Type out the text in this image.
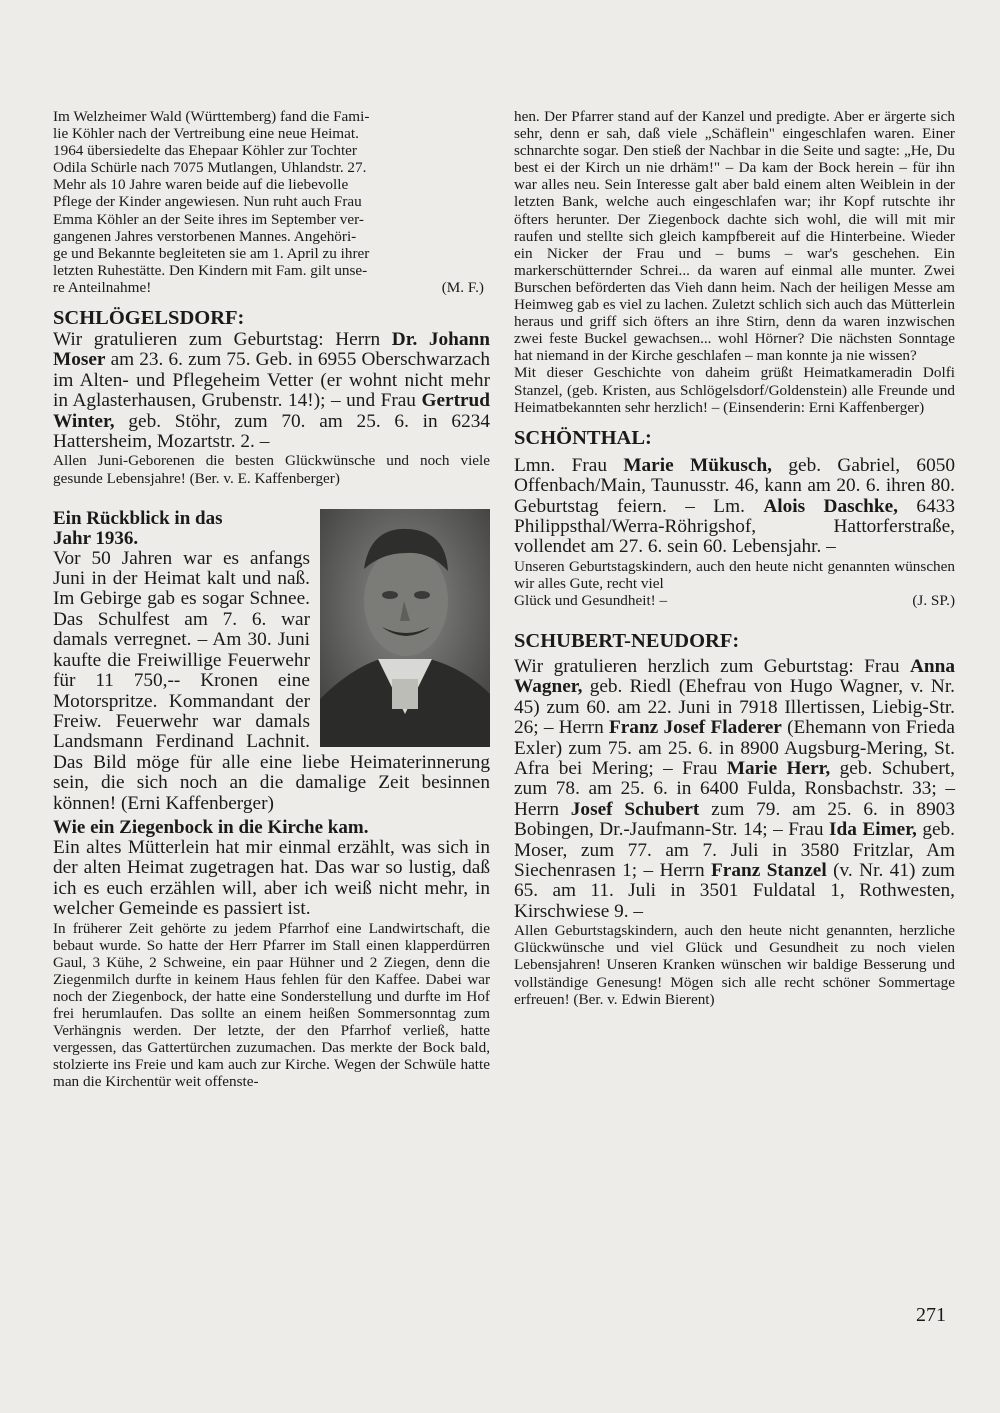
Im Welzheimer Wald (Württemberg) fand die Fami-

lie Köhler nach der Vertreibung eine neue Heimat.

1964 übersiedelte das Ehepaar Köhler zur Tochter

Odila Schürle nach 7075 Mutlangen, Uhlandstr. 27.

Mehr als 10 Jahre waren beide auf die liebevolle

Pflege der Kinder angewiesen. Nun ruht auch Frau

Emma Köhler an der Seite ihres im September ver-

gangenen Jahres verstorbenen Mannes. Angehöri-

ge und Bekannte begleiteten sie am 1. April zu ihrer

letzten Ruhestätte. Den Kindern mit Fam. gilt unse-

re Anteilnahme!	(M. F.)

SCHLÖGELSDORF:

Wir gratulieren zum Geburtstag: Herrn Dr. Johann Moser am 23. 6. zum 75. Geb. in 6955 Oberschwarzach im Alten- und Pflegeheim Vetter (er wohnt nicht mehr in Aglasterhausen, Grubenstr. 14!); – und Frau Gertrud Winter, geb. Stöhr, zum 70. am 25. 6. in 6234 Hattersheim, Mozartstr. 2. –

Allen Juni-Geborenen die besten Glückwünsche und noch viele gesunde Lebensjahre! (Ber. v. E. Kaffenberger)

Ein Rückblick in das
Jahr 1936.

Vor 50 Jahren war es anfangs Juni in der Heimat kalt und naß. Im Gebirge gab es sogar Schnee. Das Schulfest am 7. 6. war damals verregnet. – Am 30. Juni kaufte die Freiwillige Feuerwehr für 11 750,-- Kronen eine Motorspritze. Kommandant der Freiw. Feuerwehr war damals Landsmann Ferdinand Lachnit. Das Bild möge für alle eine liebe Heimaterinnerung sein, die sich noch an die damalige Zeit besinnen können! (Erni Kaffenberger)

Wie ein Ziegenbock in die Kirche kam.

Ein altes Mütterlein hat mir einmal erzählt, was sich in der alten Heimat zugetragen hat. Das war so lustig, daß ich es euch erzählen will, aber ich weiß nicht mehr, in welcher Gemeinde es passiert ist.

In früherer Zeit gehörte zu jedem Pfarrhof eine Landwirtschaft, die bebaut wurde. So hatte der Herr Pfarrer im Stall einen klapperdürren Gaul, 3 Kühe, 2 Schweine, ein paar Hühner und 2 Ziegen, denn die Ziegenmilch durfte in keinem Haus fehlen für den Kaffee. Dabei war noch der Ziegenbock, der hatte eine Sonderstellung und durfte im Hof frei herumlaufen. Das sollte an einem heißen Sommersonntag zum Verhängnis werden. Der letzte, der den Pfarrhof verließ, hatte vergessen, das Gattertürchen zuzumachen. Das merkte der Bock bald, stolzierte ins Freie und kam auch zur Kirche. Wegen der Schwüle hatte man die Kirchentür weit offenste-

hen. Der Pfarrer stand auf der Kanzel und predigte. Aber er ärgerte sich sehr, denn er sah, daß viele „Schäflein" eingeschlafen waren. Einer schnarchte sogar. Den stieß der Nachbar in die Seite und sagte: „He, Du best ei der Kirch un nie drhäm!" – Da kam der Bock herein – für ihn war alles neu. Sein Interesse galt aber bald einem alten Weiblein in der letzten Bank, welche auch eingeschlafen war; ihr Kopf rutschte ihr öfters herunter. Der Ziegenbock dachte sich wohl, die will mit mir raufen und stellte sich gleich kampfbereit auf die Hinterbeine. Wieder ein Nicker der Frau und – bums – war's geschehen. Ein markerschütternder Schrei... da waren auf einmal alle munter. Zwei Burschen beförderten das Vieh dann heim. Nach der heiligen Messe am Heimweg gab es viel zu lachen. Zuletzt schlich sich auch das Mütterlein heraus und griff sich öfters an ihre Stirn, denn da waren inzwischen zwei feste Buckel gewachsen... wohl Hörner? Die nächsten Sonntage hat niemand in der Kirche geschlafen – man konnte ja nie wissen?

Mit dieser Geschichte von daheim grüßt Heimatkameradin Dolfi Stanzel, (geb. Kristen, aus Schlögelsdorf/Goldenstein) alle Freunde und Heimatbekannten sehr herzlich! – (Einsenderin: Erni Kaffenberger)

SCHÖNTHAL:

Lmn. Frau Marie Mükusch, geb. Gabriel, 6050 Offenbach/Main, Taunusstr. 46, kann am 20. 6. ihren 80. Geburtstag feiern. – Lm. Alois Daschke, 6433 Philippsthal/Werra-Röhrigshof, Hattorferstraße, vollendet am 27. 6. sein 60. Lebensjahr. –

Unseren Geburtstagskindern, auch den heute nicht genannten wünschen wir alles Gute, recht viel

Glück und Gesundheit! –	(J. SP.)

SCHUBERT-NEUDORF:

Wir gratulieren herzlich zum Geburtstag: Frau Anna Wagner, geb. Riedl (Ehefrau von Hugo Wagner, v. Nr. 45) zum 60. am 22. Juni in 7918 Illertissen, Liebig-Str. 26; – Herrn Franz Josef Fladerer (Ehemann von Frieda Exler) zum 75. am 25. 6. in 8900 Augsburg-Mering, St. Afra bei Mering; – Frau Marie Herr, geb. Schubert, zum 78. am 25. 6. in 6400 Fulda, Ronsbachstr. 33; – Herrn Josef Schubert zum 79. am 25. 6. in 8903 Bobingen, Dr.-Jaufmann-Str. 14; – Frau Ida Eimer, geb. Moser, zum 77. am 7. Juli in 3580 Fritzlar, Am Siechenrasen 1; – Herrn Franz Stanzel (v. Nr. 41) zum 65. am 11. Juli in 3501 Fuldatal 1, Rothwesten, Kirschwiese 9. –

Allen Geburtstagskindern, auch den heute nicht genannten, herzliche Glückwünsche und viel Glück und Gesundheit zu noch vielen Lebensjahren! Unseren Kranken wünschen wir baldige Besserung und vollständige Genesung! Mögen sich alle recht schöner Sommertage erfreuen! (Ber. v. Edwin Bierent)

271
